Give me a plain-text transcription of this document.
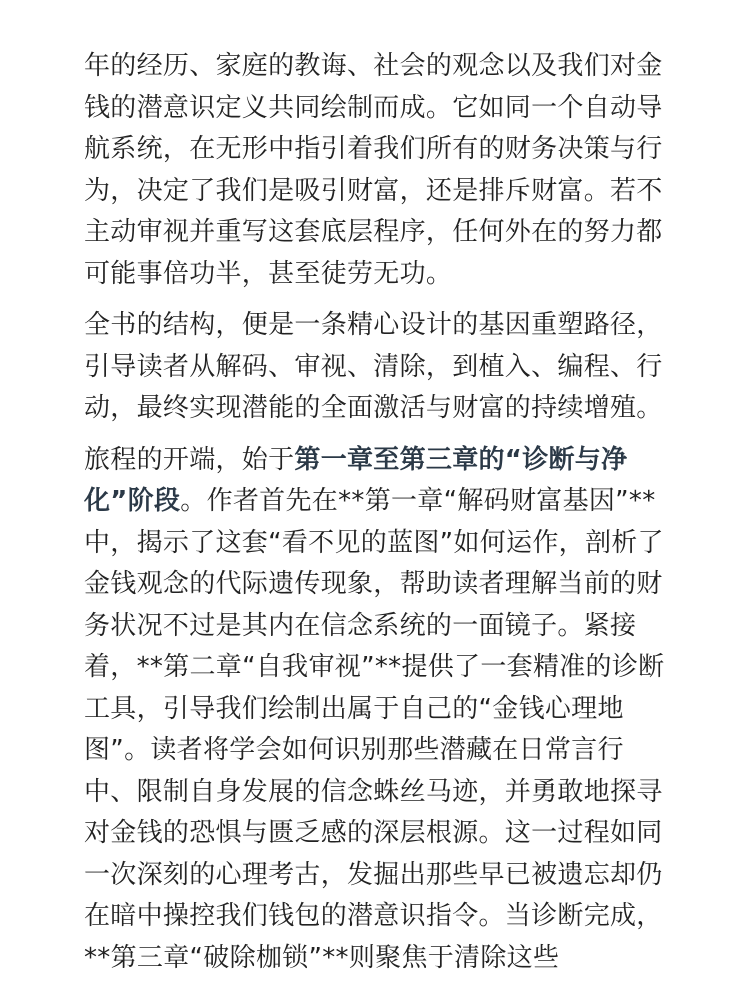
年的经历、家庭的教诲、社会的观念以及我们对金钱的潜意识定义共同绘制而成。它如同一个自动导航系统，在无形中指引着我们所有的财务决策与行为，决定了我们是吸引财富，还是排斥财富。若不主动审视并重写这套底层程序，任何外在的努力都可能事倍功半，甚至徒劳无功。

全书的结构，便是一条精心设计的基因重塑路径，引导读者从解码、审视、清除，到植入、编程、行动，最终实现潜能的全面激活与财富的持续增殖。

旅程的开端，始于第一章至第三章的“诊断与净化”阶段。作者首先在**第一章“解码财富基因”**中，揭示了这套“看不见的蓝图”如何运作，剖析了金钱观念的代际遗传现象，帮助读者理解当前的财务状况不过是其内在信念系统的一面镜子。紧接着，**第二章“自我审视”**提供了一套精准的诊断工具，引导我们绘制出属于自己的“金钱心理地图”。读者将学会如何识别那些潜藏在日常言行中、限制自身发展的信念蛛丝马迹，并勇敢地探寻对金钱的恐惧与匮乏感的深层根源。这一过程如同一次深刻的心理考古，发掘出那些早已被遗忘却仍在暗中操控我们钱包的潜意识指令。当诊断完成，**第三章“破除枷锁”**则聚焦于清除这些
